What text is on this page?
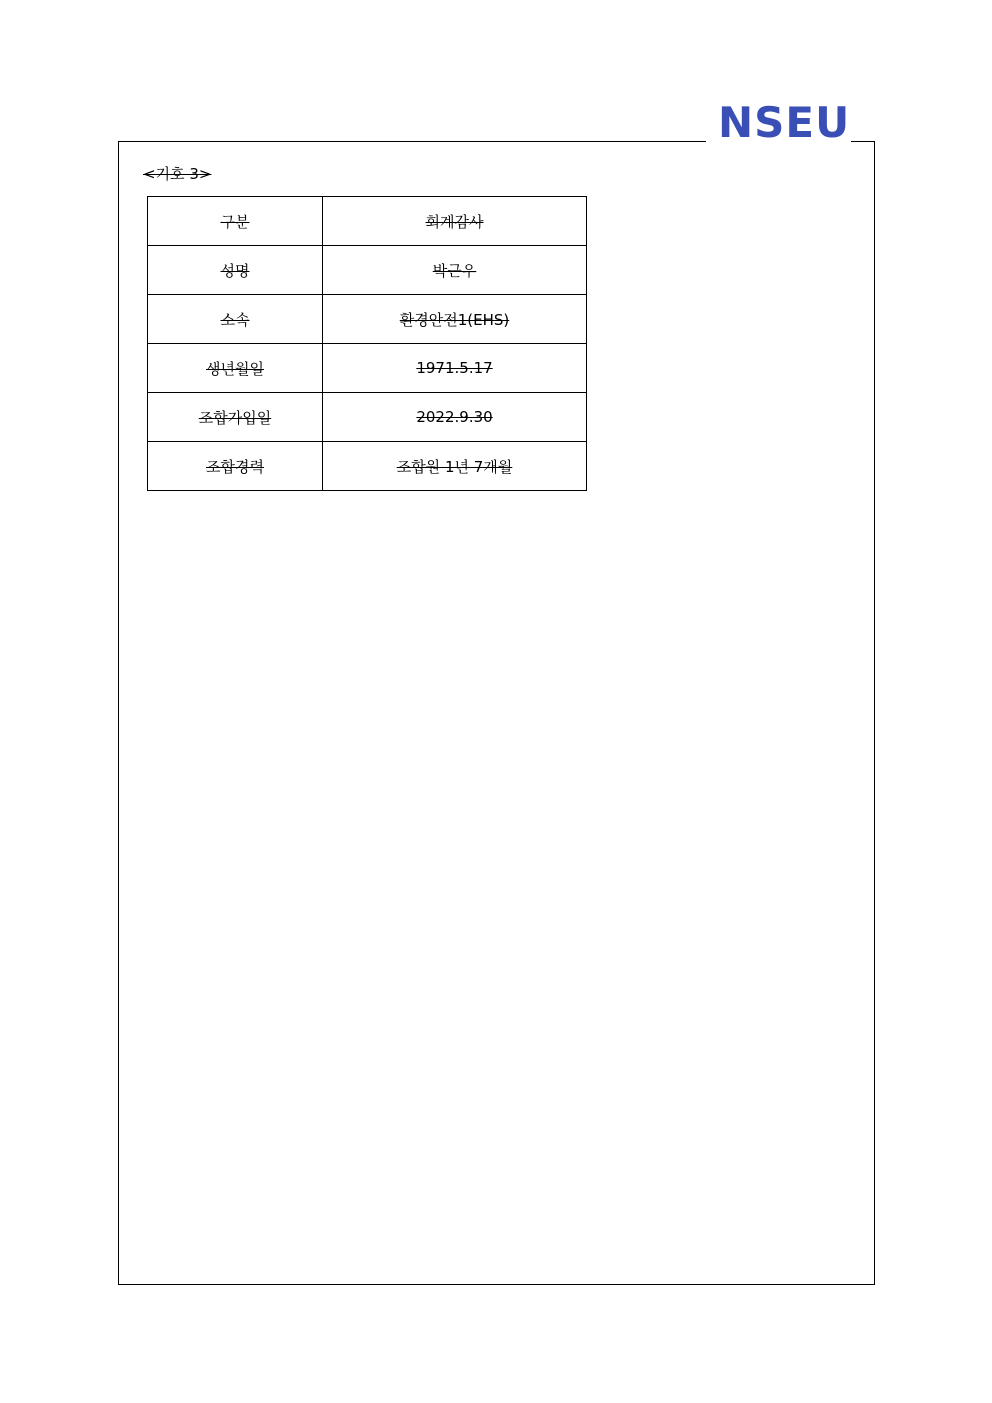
NSEU
<기호 3>
구분	회계감사
성명	박근우
소속	환경안전1(EHS)
생년월일	1971.5.17
조합가입일	2022.9.30
조합경력	조합원 1년 7개월
